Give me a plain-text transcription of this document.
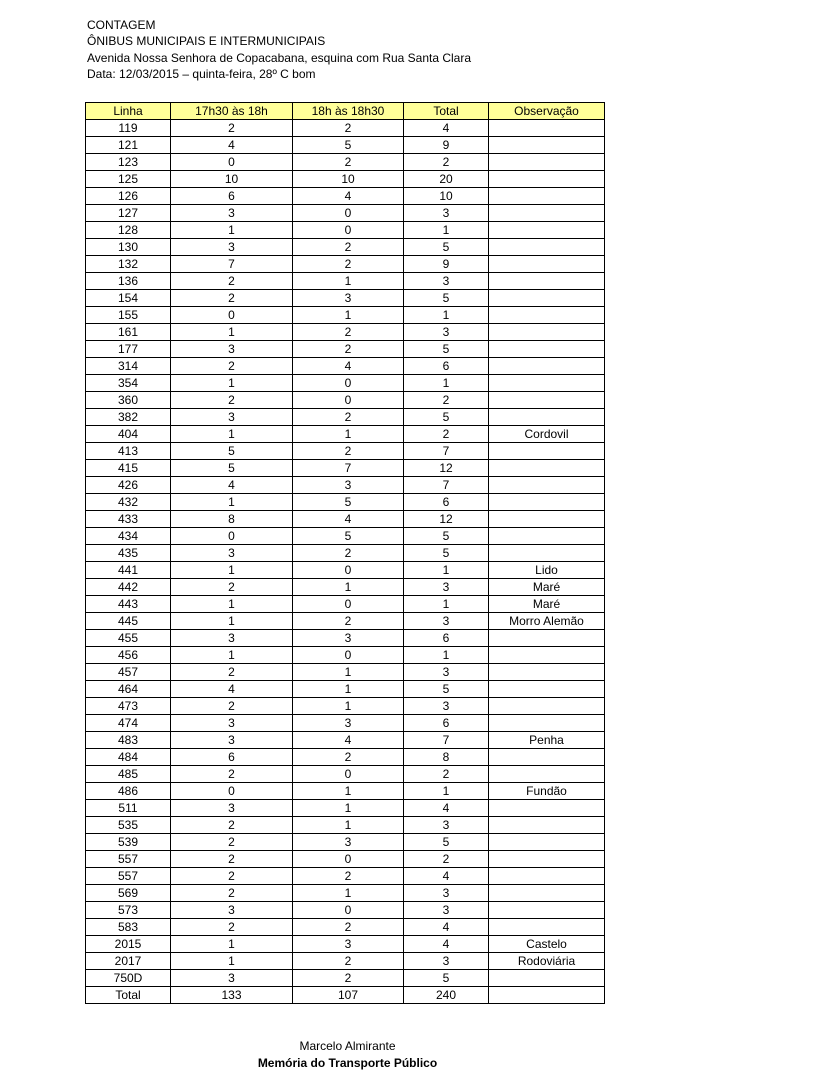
CONTAGEM
ÔNIBUS MUNICIPAIS E INTERMUNICIPAIS
Avenida Nossa Senhora de Copacabana, esquina com Rua Santa Clara
Data: 12/03/2015 – quinta-feira, 28º C bom
Linha	17h30 às 18h	18h às 18h30	Total	Observação
119	2	2	4	
121	4	5	9	
123	0	2	2	
125	10	10	20	
126	6	4	10	
127	3	0	3	
128	1	0	1	
130	3	2	5	
132	7	2	9	
136	2	1	3	
154	2	3	5	
155	0	1	1	
161	1	2	3	
177	3	2	5	
314	2	4	6	
354	1	0	1	
360	2	0	2	
382	3	2	5	
404	1	1	2	Cordovil
413	5	2	7	
415	5	7	12	
426	4	3	7	
432	1	5	6	
433	8	4	12	
434	0	5	5	
435	3	2	5	
441	1	0	1	Lido
442	2	1	3	Maré
443	1	0	1	Maré
445	1	2	3	Morro Alemão
455	3	3	6	
456	1	0	1	
457	2	1	3	
464	4	1	5	
473	2	1	3	
474	3	3	6	
483	3	4	7	Penha
484	6	2	8	
485	2	0	2	
486	0	1	1	Fundão
511	3	1	4	
535	2	1	3	
539	2	3	5	
557	2	0	2	
557	2	2	4	
569	2	1	3	
573	3	0	3	
583	2	2	4	
2015	1	3	4	Castelo
2017	1	2	3	Rodoviária
750D	3	2	5	
Total	133	107	240	
Marcelo Almirante
Memória do Transporte Público
